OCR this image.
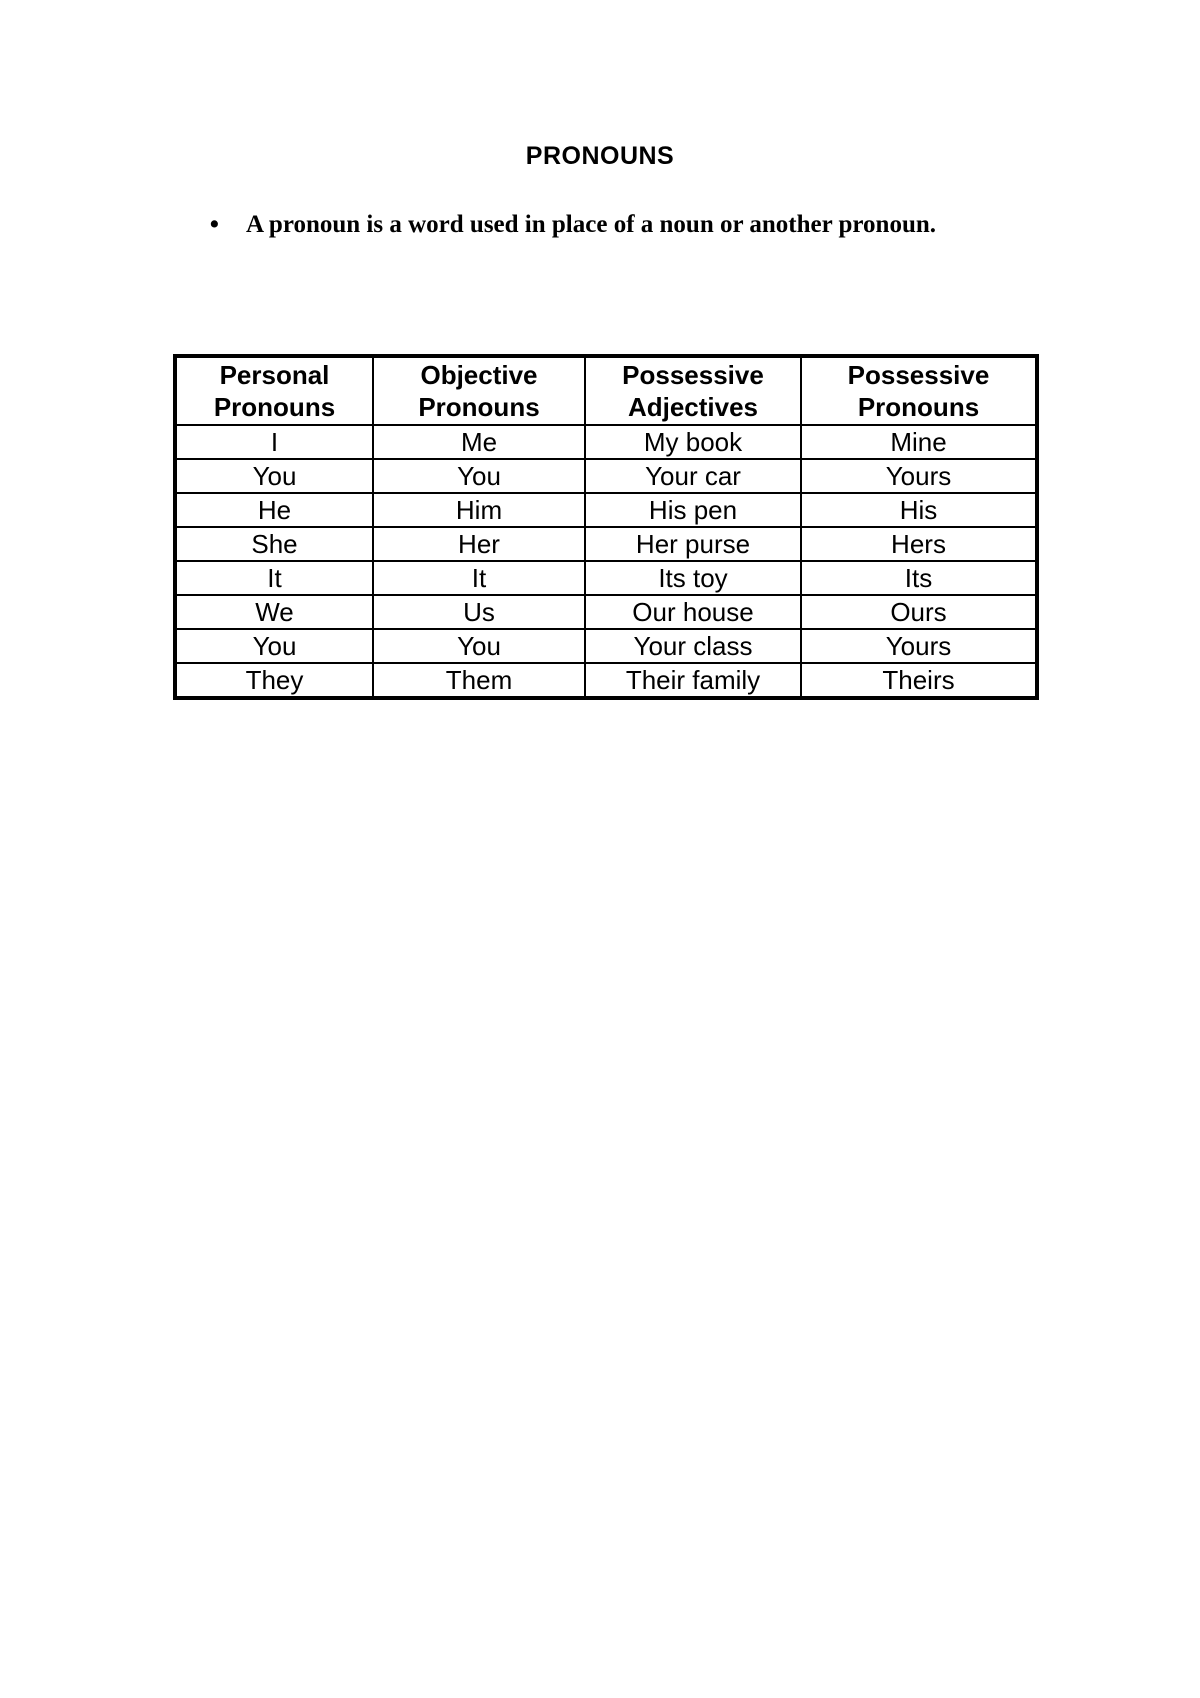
PRONOUNS
• A pronoun is a word used in place of a noun or another pronoun.
Personal Pronouns	Objective Pronouns	Possessive Adjectives	Possessive Pronouns
I	Me	My book	Mine
You	You	Your car	Yours
He	Him	His pen	His
She	Her	Her purse	Hers
It	It	Its toy	Its
We	Us	Our house	Ours
You	You	Your class	Yours
They	Them	Their family	Theirs
